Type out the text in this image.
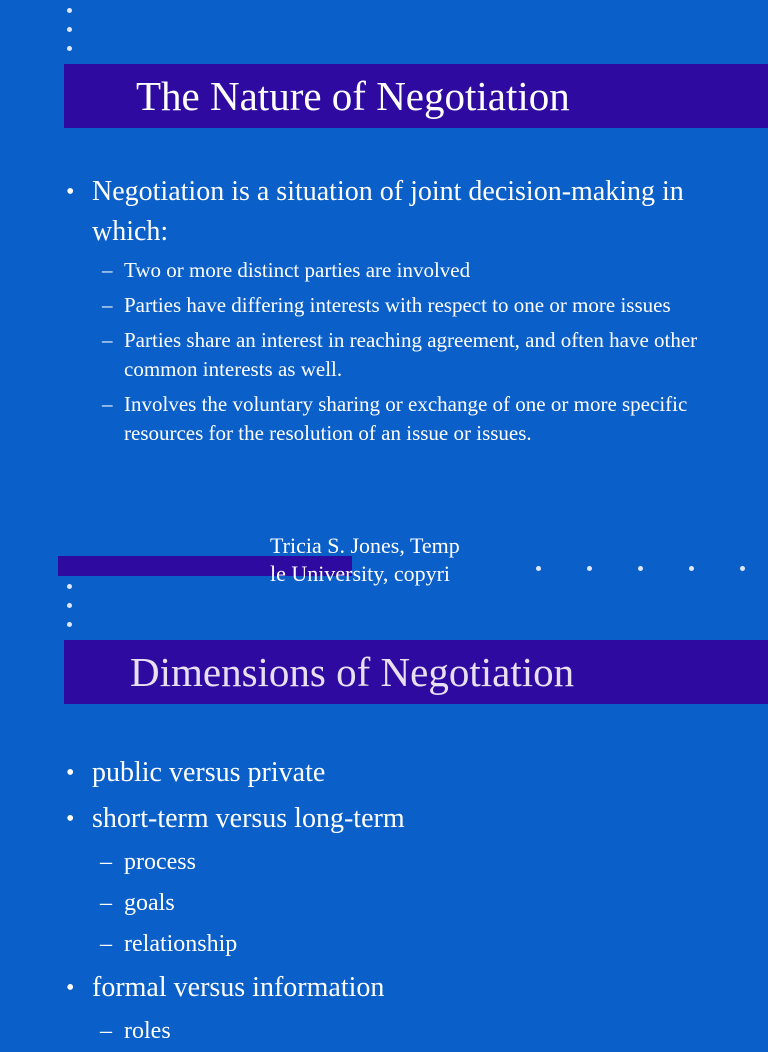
The Nature of Negotiation

• Negotiation is a situation of joint decision-making in which:

– Two or more distinct parties are involved

– Parties have differing interests with respect to one or more issues

– Parties share an interest in reaching agreement, and often have other common interests as well.

– Involves the voluntary sharing or exchange of one or more specific resources for the resolution of an issue or issues.

Tricia S. Jones, Temp
le University, copyri
Dimensions of Negotiation

• public versus private

• short-term versus long-term

– process

– goals

– relationship

• formal versus information

– roles
